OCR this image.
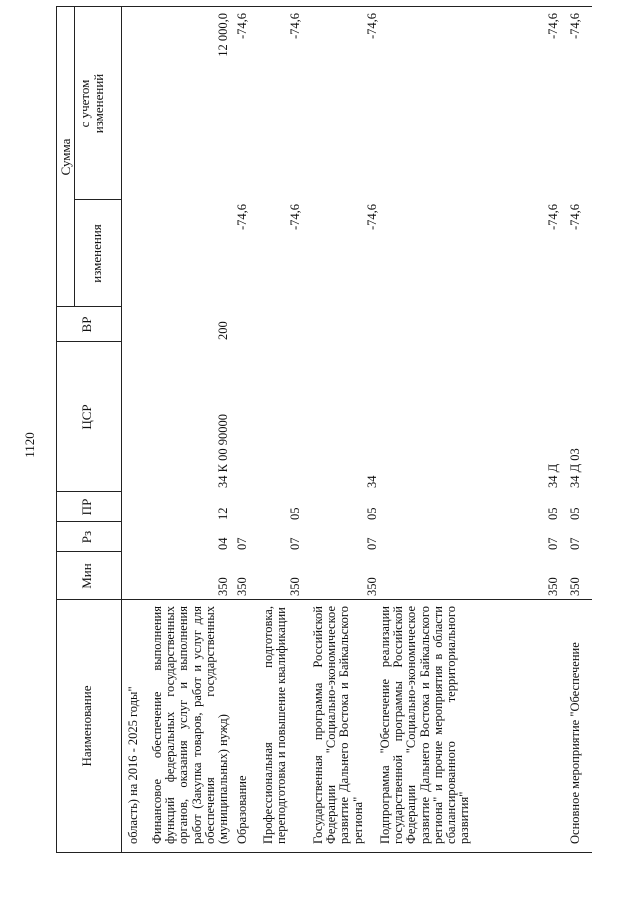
1120
Наименование
Мин
Рз
ПР
ЦСР
ВР
Сумма
изменения
с учетом изменений
область) на 2016 - 2025 годы" Финансовое обеспечение выполнения функций федеральных государственных органов, оказания услуг и выполнения работ (Закупка товаров, работ и услуг для обеспечения государственных (муниципальных) нужд)
350
04
12
34 К 00 90000
200
12 000,0
Образование
350
07
-74,6
-74,6
Профессиональная подготовка, переподготовка и повышение квалификации
350
07
05
-74,6
-74,6
Государственная программа Российской Федерации "Социально-экономическое развитие Дальнего Востока и Байкальского региона"
350
07
05
34
-74,6
-74,6
Подпрограмма "Обеспечение реализации государственной программы Российской Федерации "Социально-экономическое развитие Дальнего Востока и Байкальского региона" и прочие мероприятия в области сбалансированного территориального развития"
350
07
05
34 Д
-74,6
-74,6
Основное мероприятие "Обеспечение
350
07
05
34 Д 03
-74,6
-74,6
